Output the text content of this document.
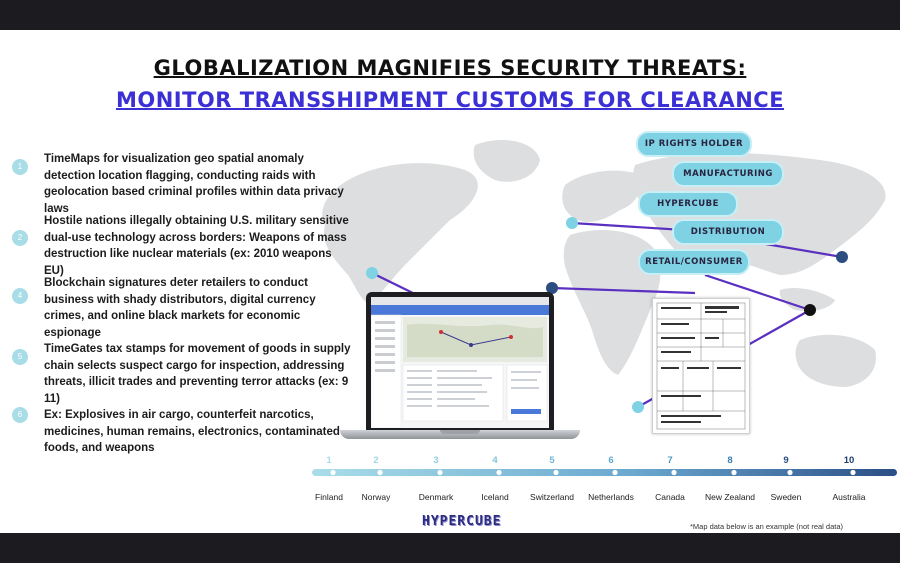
GLOBALIZATION MAGNIFIES SECURITY THREATS:
MONITOR TRANSSHIPMENT CUSTOMS FOR CLEARANCE
IP RIGHTS HOLDER
MANUFACTURING
HYPERCUBE
DISTRIBUTION
RETAIL/CONSUMER
1
TimeMaps for visualization geo spatial anomaly detection location flagging, conducting raids with geolocation based criminal profiles within data privacy laws
2
Hostile nations illegally obtaining U.S. military sensitive dual-use technology across borders: Weapons of mass destruction like nuclear materials (ex: 2010 weapons EU)
4
Blockchain signatures deter retailers to conduct business with shady distributors, digital currency crimes, and online black markets for economic espionage
5
TimeGates tax stamps for movement of goods in supply chain selects suspect cargo for inspection, addressing threats, illicit trades and preventing terror attacks (ex: 9 11)
6	Ex: Explosives in air cargo, counterfeit narcotics, medicines, human remains, electronics, contaminated foods, and weapons
1
Finland
2
Norway
3
Denmark
4
Iceland
5
Switzerland
6
Netherlands
7
Canada
8
New Zealand
9
Sweden
10
Australia
HYPERCUBE	*Map data below is an example (not real data)
